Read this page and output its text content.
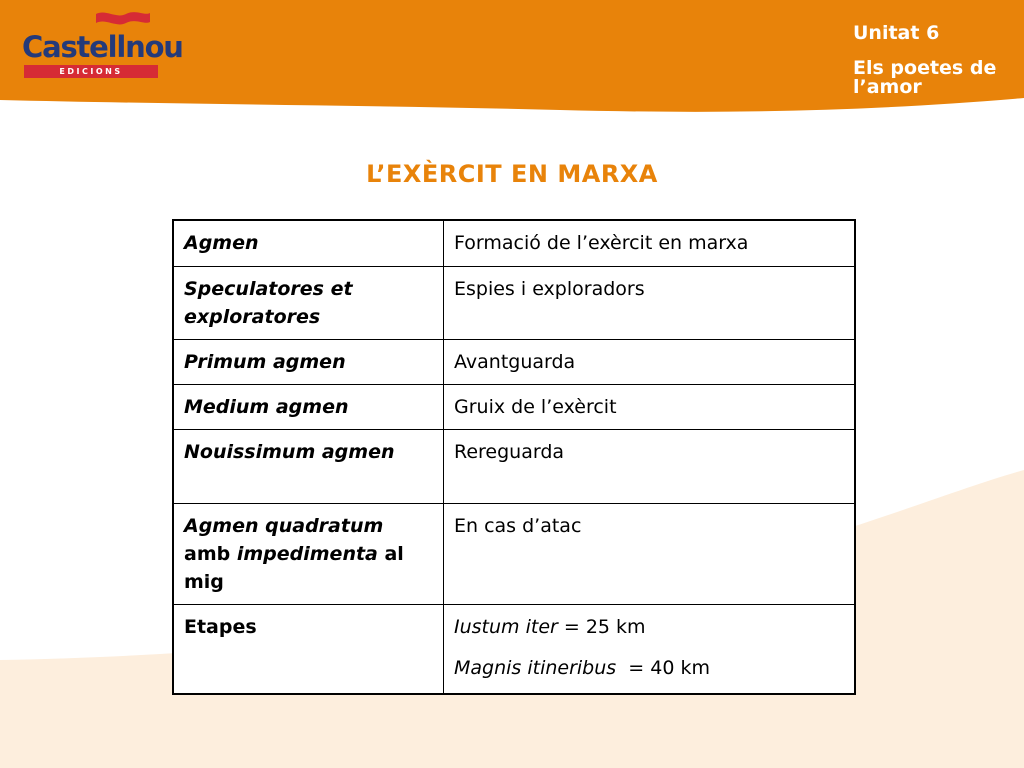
Castellnou
EDICIONS
Unitat 6
Els poetes de l’amor
L’EXÈRCIT EN MARXA
Agmen	Formació de l’exèrcit en marxa
Speculatores et exploratores	Espies i exploradors
Primum agmen	Avantguarda
Medium agmen	Gruix de l’exèrcit
Nouissimum agmen	Rereguarda
Agmen quadratum amb impedimenta al mig	En cas d’atac
Etapes	Iustum iter = 25 km

Magnis itineribus  = 40 km
